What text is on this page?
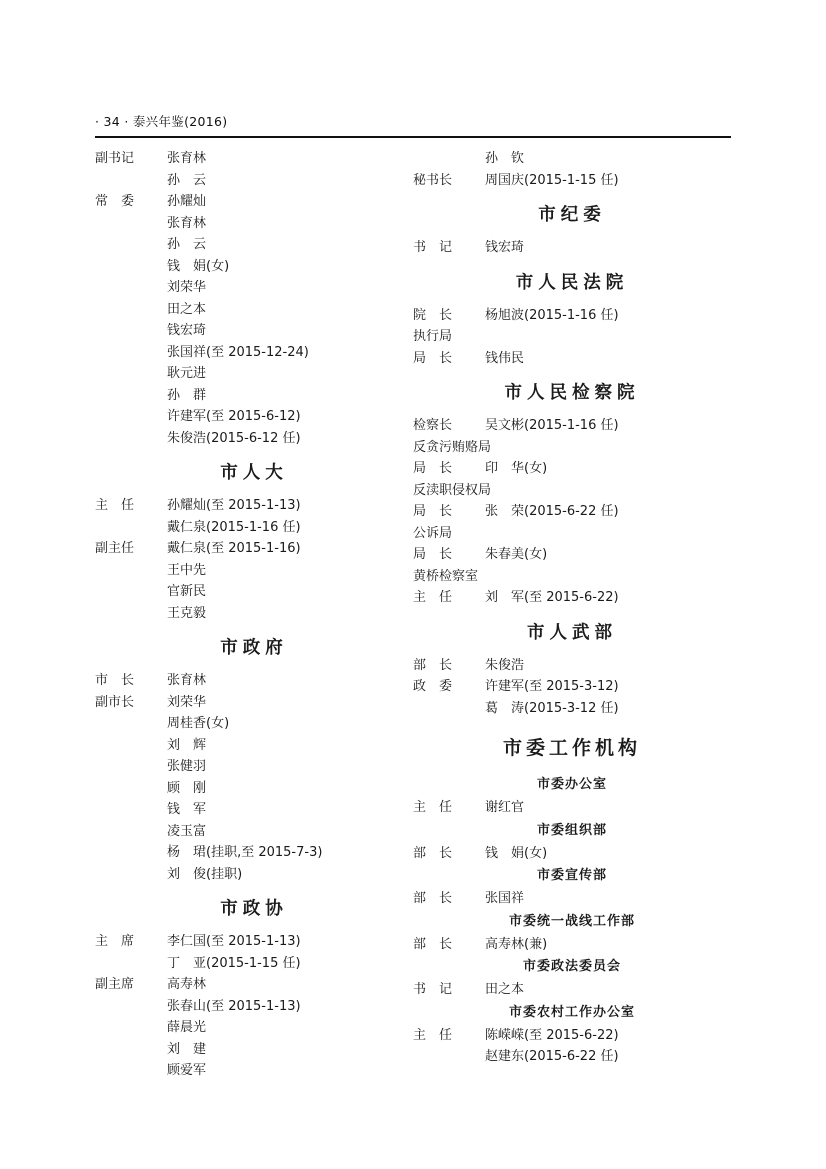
· 34 · 泰兴年鉴(2016)
副书记	张育林
孙　云
常　委	孙耀灿
张育林
孙　云
钱　娟(女)
刘荣华
田之本
钱宏琦
张国祥(至 2015-12-24)
耿元进
孙　群
许建军(至 2015-6-12)
朱俊浩(2015-6-12 任)
市人大
主　任	孙耀灿(至 2015-1-13)
戴仁泉(2015-1-16 任)
副主任	戴仁泉(至 2015-1-16)
王中先
官新民
王克毅
市政府
市　长	张育林
副市长	刘荣华
周桂香(女)
刘　辉
张健羽
顾　刚
钱　军
凌玉富
杨　珺(挂职,至 2015-7-3)
刘　俊(挂职)
市政协
主　席	李仁国(至 2015-1-13)
丁　亚(2015-1-15 任)
副主席	高寿林
张春山(至 2015-1-13)
薛晨光
刘　建
顾爱军
孙　钦
秘书长	周国庆(2015-1-15 任)
市纪委
书　记	钱宏琦
市人民法院
院　长	杨旭波(2015-1-16 任)
执行局
局　长	钱伟民
市人民检察院
检察长	吴文彬(2015-1-16 任)
反贪污贿赂局
局　长	印　华(女)
反渎职侵权局
局　长	张　荣(2015-6-22 任)
公诉局
局　长	朱春美(女)
黄桥检察室
主　任	刘　军(至 2015-6-22)
市人武部
部　长	朱俊浩
政　委	许建军(至 2015-3-12)
葛　涛(2015-3-12 任)
市委工作机构
市委办公室
主　任	谢红官
市委组织部
部　长	钱　娟(女)
市委宣传部
部　长	张国祥
市委统一战线工作部
部　长	高寿林(兼)
市委政法委员会
书　记	田之本
市委农村工作办公室
主　任	陈嵘嵘(至 2015-6-22)
赵建东(2015-6-22 任)
